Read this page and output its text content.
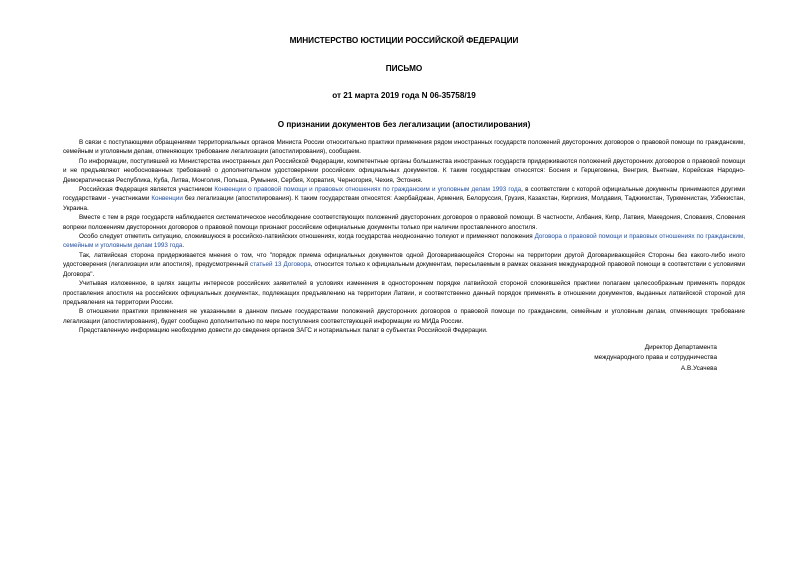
МИНИСТЕРСТВО ЮСТИЦИИ РОССИЙСКОЙ ФЕДЕРАЦИИ
ПИСЬМО
от 21 марта 2019 года N 06-35758/19
О признании документов без легализации (апостилирования)

В связи с поступающими обращениями территориальных органов Министа России относительно практики применения рядом иностранных государств положений двусторонних договоров о правовой помощи по гражданским, семейным и уголовным делам, отменяющих требование легализации (апостилирования), сообщаем.

По информации, поступившей из Министерства иностранных дел Российской Федерации, компетентные органы большинства иностранных государств придерживаются положений двусторонних договоров о правовой помощи и не предъявляют необоснованных требований о дополнительном удостоверении российских официальных документов. К таким государствам относятся: Босния и Герцеговина, Венгрия, Вьетнам, Корейская Народно-Демократическая Республика, Куба, Литва, Монголия, Польша, Румыния, Сербия, Хорватия, Черногория, Чехия, Эстония.

Российская Федерация является участником Конвенции о правовой помощи и правовых отношениях по гражданским и уголовным делам 1993 года, в соответствии с которой официальные документы принимаются другими государствами - участниками Конвенции без легализации (апостилирования). К таким государствам относятся: Азербайджан, Армения, Белоруссия, Грузия, Казахстан, Киргизия, Молдавия, Таджикистан, Туркменистан, Узбекистан, Украина.

Вместе с тем в ряде государств наблюдается систематическое несоблюдение соответствующих положений двусторонних договоров о правовой помощи. В частности, Албания, Кипр, Латвия, Македония, Словакия, Словения вопреки положениям двусторонних договоров о правовой помощи признают российские официальные документы только при наличии проставленного апостиля.

Особо следует отметить ситуацию, сложившуюся в российско-латвийских отношениях, когда государства неоднозначно толкуют и применяют положения Договора о правовой помощи и правовых отношениях по гражданским, семейным и уголовным делам 1993 года.

Так, латвийская сторона придерживается мнения о том, что "порядок приема официальных документов одной Договаривающейся Стороны на территории другой Договаривающейся Стороны без какого-либо иного удостоверения (легализации или апостиля), предусмотренный статьей 13 Договора, относится только к официальным документам, пересылаемым в рамках оказания международной правовой помощи в соответствии с условиями Договора".

Учитывая изложенное, в целях защиты интересов российских заявителей в условиях изменения в одностороннем порядке латвийской стороной сложившейся практики полагаем целесообразным применять порядок проставления апостиля на российских официальных документах, подлежащих предъявлению на территории Латвии, и соответственно данный порядок применять в отношении документов, выданных латвийской стороной для предъявления на территории России.

В отношении практики применения не указанными в данном письме государствами положений двусторонних договоров о правовой помощи по гражданским, семейным и уголовным делам, отменяющих требование легализации (апостилирования), будет сообщено дополнительно по мере поступления соответствующей информации из МИДа России.

Представленную информацию необходимо довести до сведения органов ЗАГС и нотариальных палат в субъектах Российской Федерации.

Директор Департамента
международного права и сотрудничества
А.В.Усачева
